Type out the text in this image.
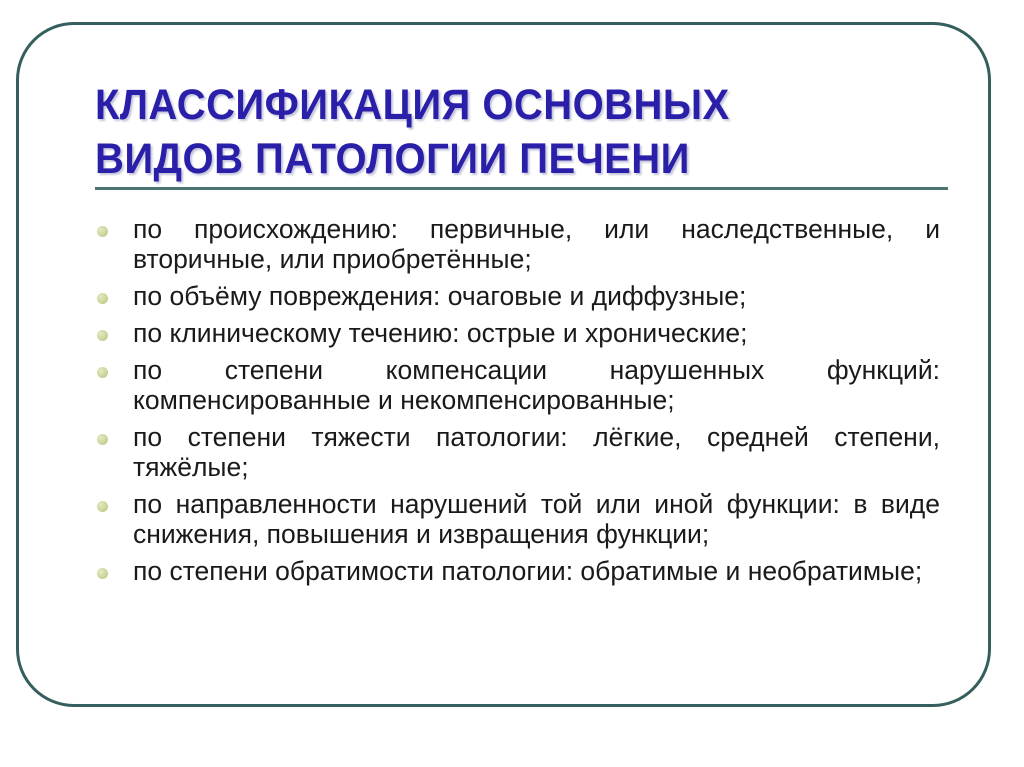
КЛАССИФИКАЦИЯ ОСНОВНЫХ
ВИДОВ ПАТОЛОГИИ ПЕЧЕНИ
по происхождению: первичные, или наследственные, и вторичные, или приобретённые;
по объёму повреждения: очаговые и диффузные;
по клиническому течению: острые и хронические;
по степени компенсации нарушенных функций: компенсированные и некомпенсированные;
по степени тяжести патологии: лёгкие, средней степени, тяжёлые;
по направленности нарушений той или иной функции: в виде снижения, повышения и извращения функции;
по степени обратимости патологии: обратимые и необратимые;
